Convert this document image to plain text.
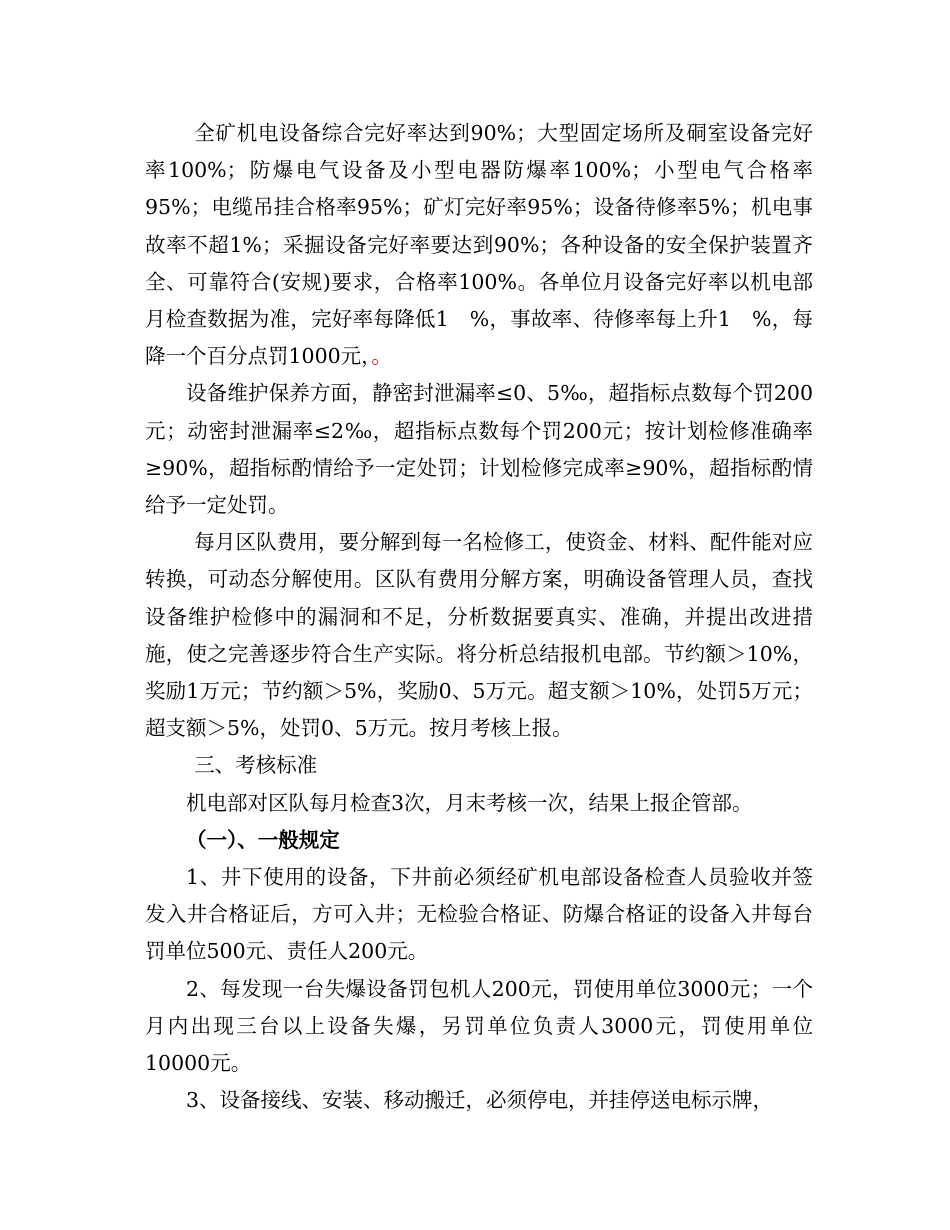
全矿机电设备综合完好率达到90%；大型固定场所及硐室设备完好率100%；防爆电气设备及小型电器防爆率100%；小型电气合格率95%；电缆吊挂合格率95%；矿灯完好率95%；设备待修率5%；机电事故率不超1%；采掘设备完好率要达到90%；各种设备的安全保护装置齐全、可靠符合(安规)要求，合格率100%。各单位月设备完好率以机电部月检查数据为准，完好率每降低1　%，事故率、待修率每上升1　%，每降一个百分点罚1000元，。

设备维护保养方面，静密封泄漏率≤0、5‰，超指标点数每个罚200元；动密封泄漏率≤2‰，超指标点数每个罚200元；按计划检修准确率≥90%，超指标酌情给予一定处罚；计划检修完成率≥90%，超指标酌情给予一定处罚。

每月区队费用，要分解到每一名检修工，使资金、材料、配件能对应转换，可动态分解使用。区队有费用分解方案，明确设备管理人员，查找设备维护检修中的漏洞和不足，分析数据要真实、准确，并提出改进措施，使之完善逐步符合生产实际。将分析总结报机电部。节约额＞10%，奖励1万元；节约额＞5%，奖励0、5万元。超支额＞10%，处罚5万元；超支额＞5%，处罚0、5万元。按月考核上报。

三、考核标准

机电部对区队每月检查3次，月末考核一次，结果上报企管部。

（一）、一般规定

1、井下使用的设备，下井前必须经矿机电部设备检查人员验收并签发入井合格证后，方可入井；无检验合格证、防爆合格证的设备入井每台罚单位500元、责任人200元。

2、每发现一台失爆设备罚包机人200元，罚使用单位3000元；一个月内出现三台以上设备失爆，另罚单位负责人3000元，罚使用单位10000元。

3、设备接线、安装、移动搬迁，必须停电，并挂停送电标示牌，
